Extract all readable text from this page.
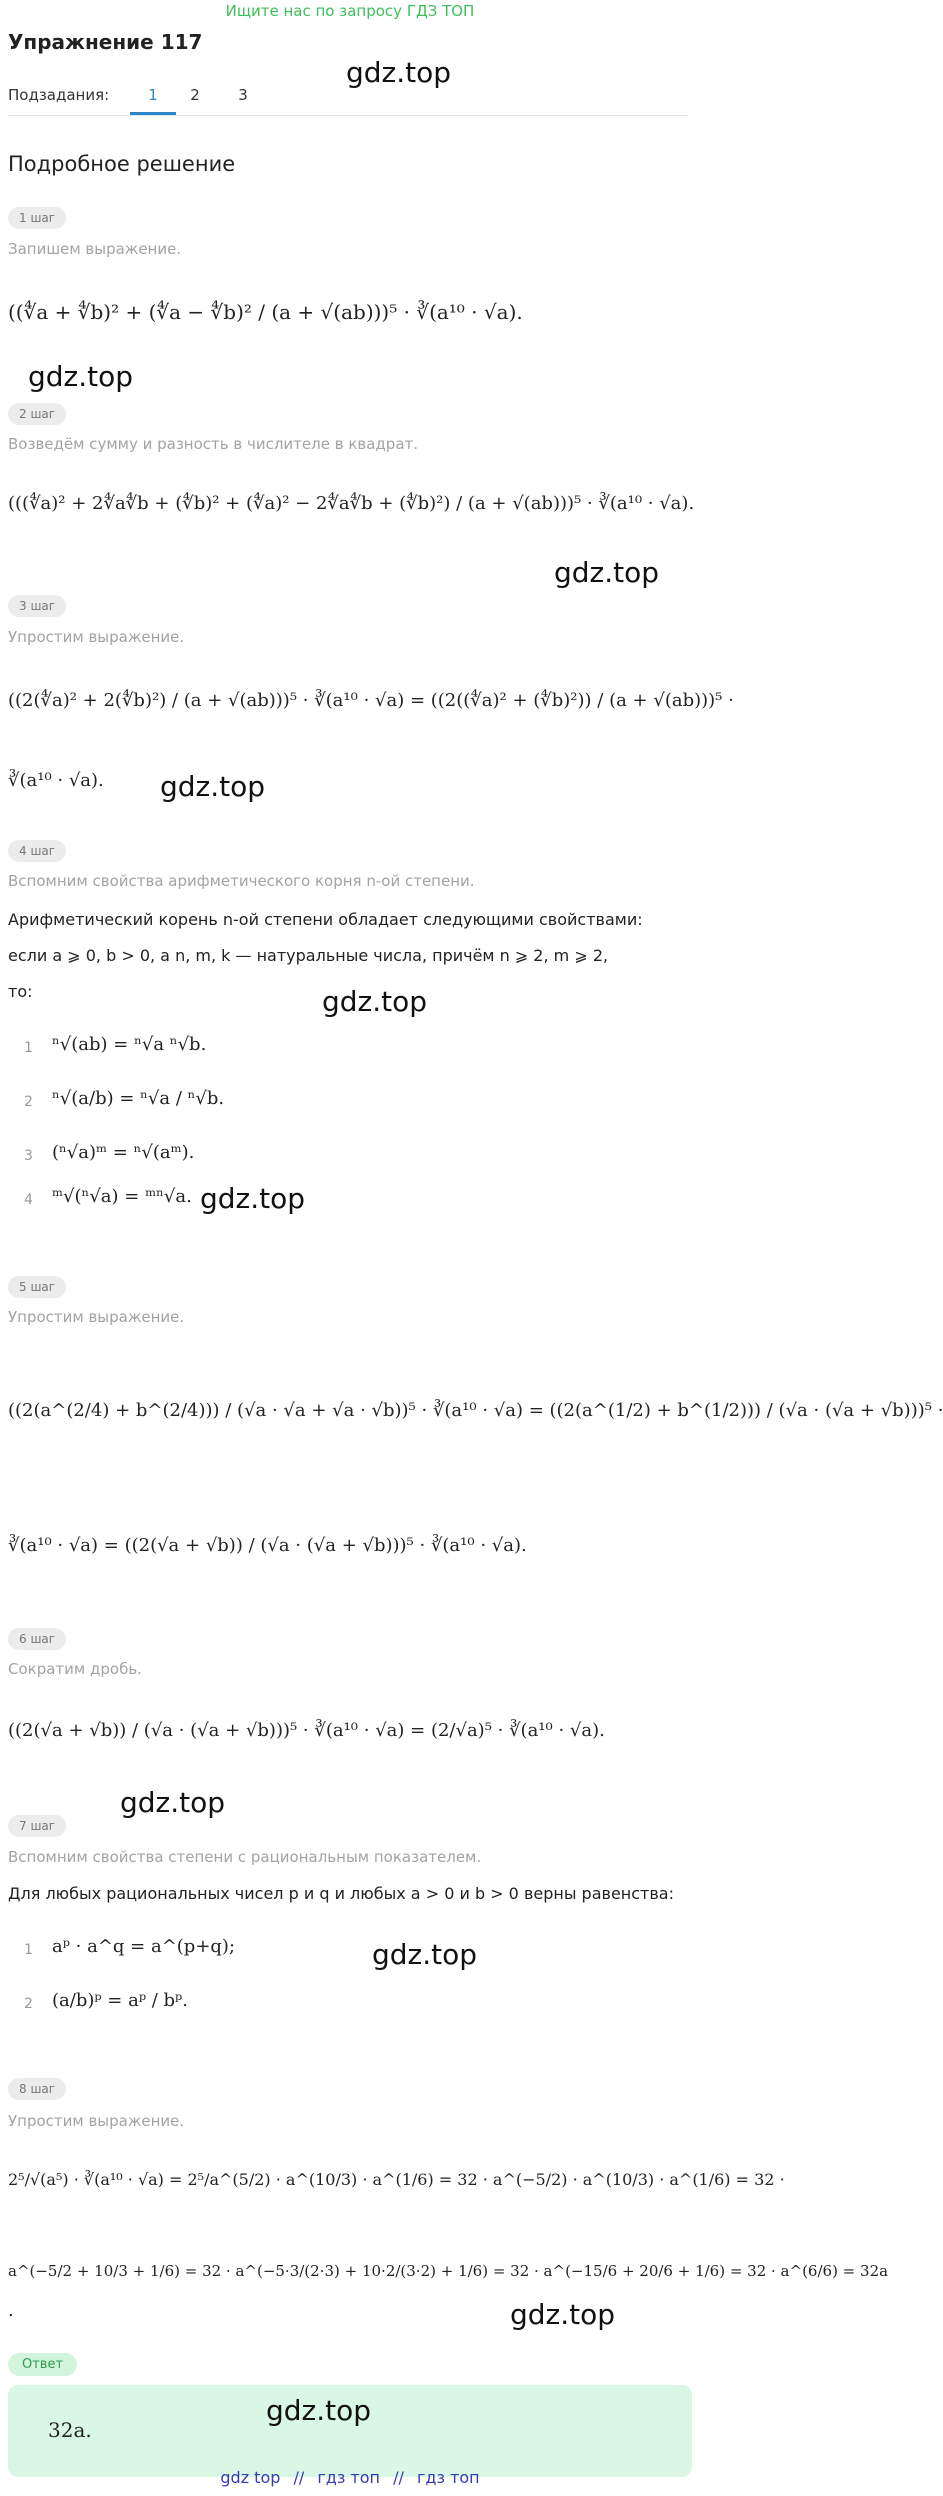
Ищите нас по запросу ГДЗ ТОП
Упражнение 117
gdz.top
Подзадания:	1	2	3
Подробное решение
1 шаг
Запишем выражение.
((∜a + ∜b)² + (∜a − ∜b)² / (a + √(ab)))⁵ · ∛(a¹⁰ · √a).
gdz.top
2 шаг
Возведём сумму и разность в числителе в квадрат.
(((∜a)² + 2∜a∜b + (∜b)² + (∜a)² − 2∜a∜b + (∜b)²) / (a + √(ab)))⁵ · ∛(a¹⁰ · √a).
gdz.top
3 шаг
Упростим выражение.
((2(∜a)² + 2(∜b)²) / (a + √(ab)))⁵ · ∛(a¹⁰ · √a) = ((2((∜a)² + (∜b)²)) / (a + √(ab)))⁵ ·
∛(a¹⁰ · √a). gdz.top
4 шаг
Вспомним свойства арифметического корня n-ой степени.
Арифметический корень n-ой степени обладает следующими свойствами:
если a ⩾ 0, b > 0, а n, m, k — натуральные числа, причём n ⩾ 2, m ⩾ 2,
то:	gdz.top
1 ⁿ√(ab) = ⁿ√a ⁿ√b.
2 ⁿ√(a/b) = ⁿ√a / ⁿ√b.
3 (ⁿ√a)ᵐ = ⁿ√(aᵐ).
4 ᵐ√(ⁿ√a) = ᵐⁿ√a. gdz.top
5 шаг
Упростим выражение.
((2(a^(2/4) + b^(2/4))) / (√a · √a + √a · √b))⁵ · ∛(a¹⁰ · √a) = ((2(a^(1/2) + b^(1/2))) / (√a · (√a + √b)))⁵ ·
∛(a¹⁰ · √a) = ((2(√a + √b)) / (√a · (√a + √b)))⁵ · ∛(a¹⁰ · √a).
6 шаг
Сократим дробь.
((2(√a + √b)) / (√a · (√a + √b)))⁵ · ∛(a¹⁰ · √a) = (2/√a)⁵ · ∛(a¹⁰ · √a).
gdz.top
7 шаг
Вспомним свойства степени с рациональным показателем.
Для любых рациональных чисел p и q и любых a > 0 и b > 0 верны равенства:
1 aᵖ · a^q = a^(p+q);
2 (a/b)ᵖ = aᵖ / bᵖ.
gdz.top
8 шаг
Упростим выражение.
2⁵/√(a⁵) · ∛(a¹⁰ · √a) = 2⁵/a^(5/2) · a^(10/3) · a^(1/6) = 32 · a^(−5/2) · a^(10/3) · a^(1/6) = 32 ·
a^(−5/2 + 10/3 + 1/6) = 32 · a^(−5·3/(2·3) + 10·2/(3·2) + 1/6) = 32 · a^(−15/6 + 20/6 + 1/6) = 32 · a^(6/6) = 32a
.	gdz.top
Ответ
gdz.top
32a.
gdz top // гдз топ // гдз топ
